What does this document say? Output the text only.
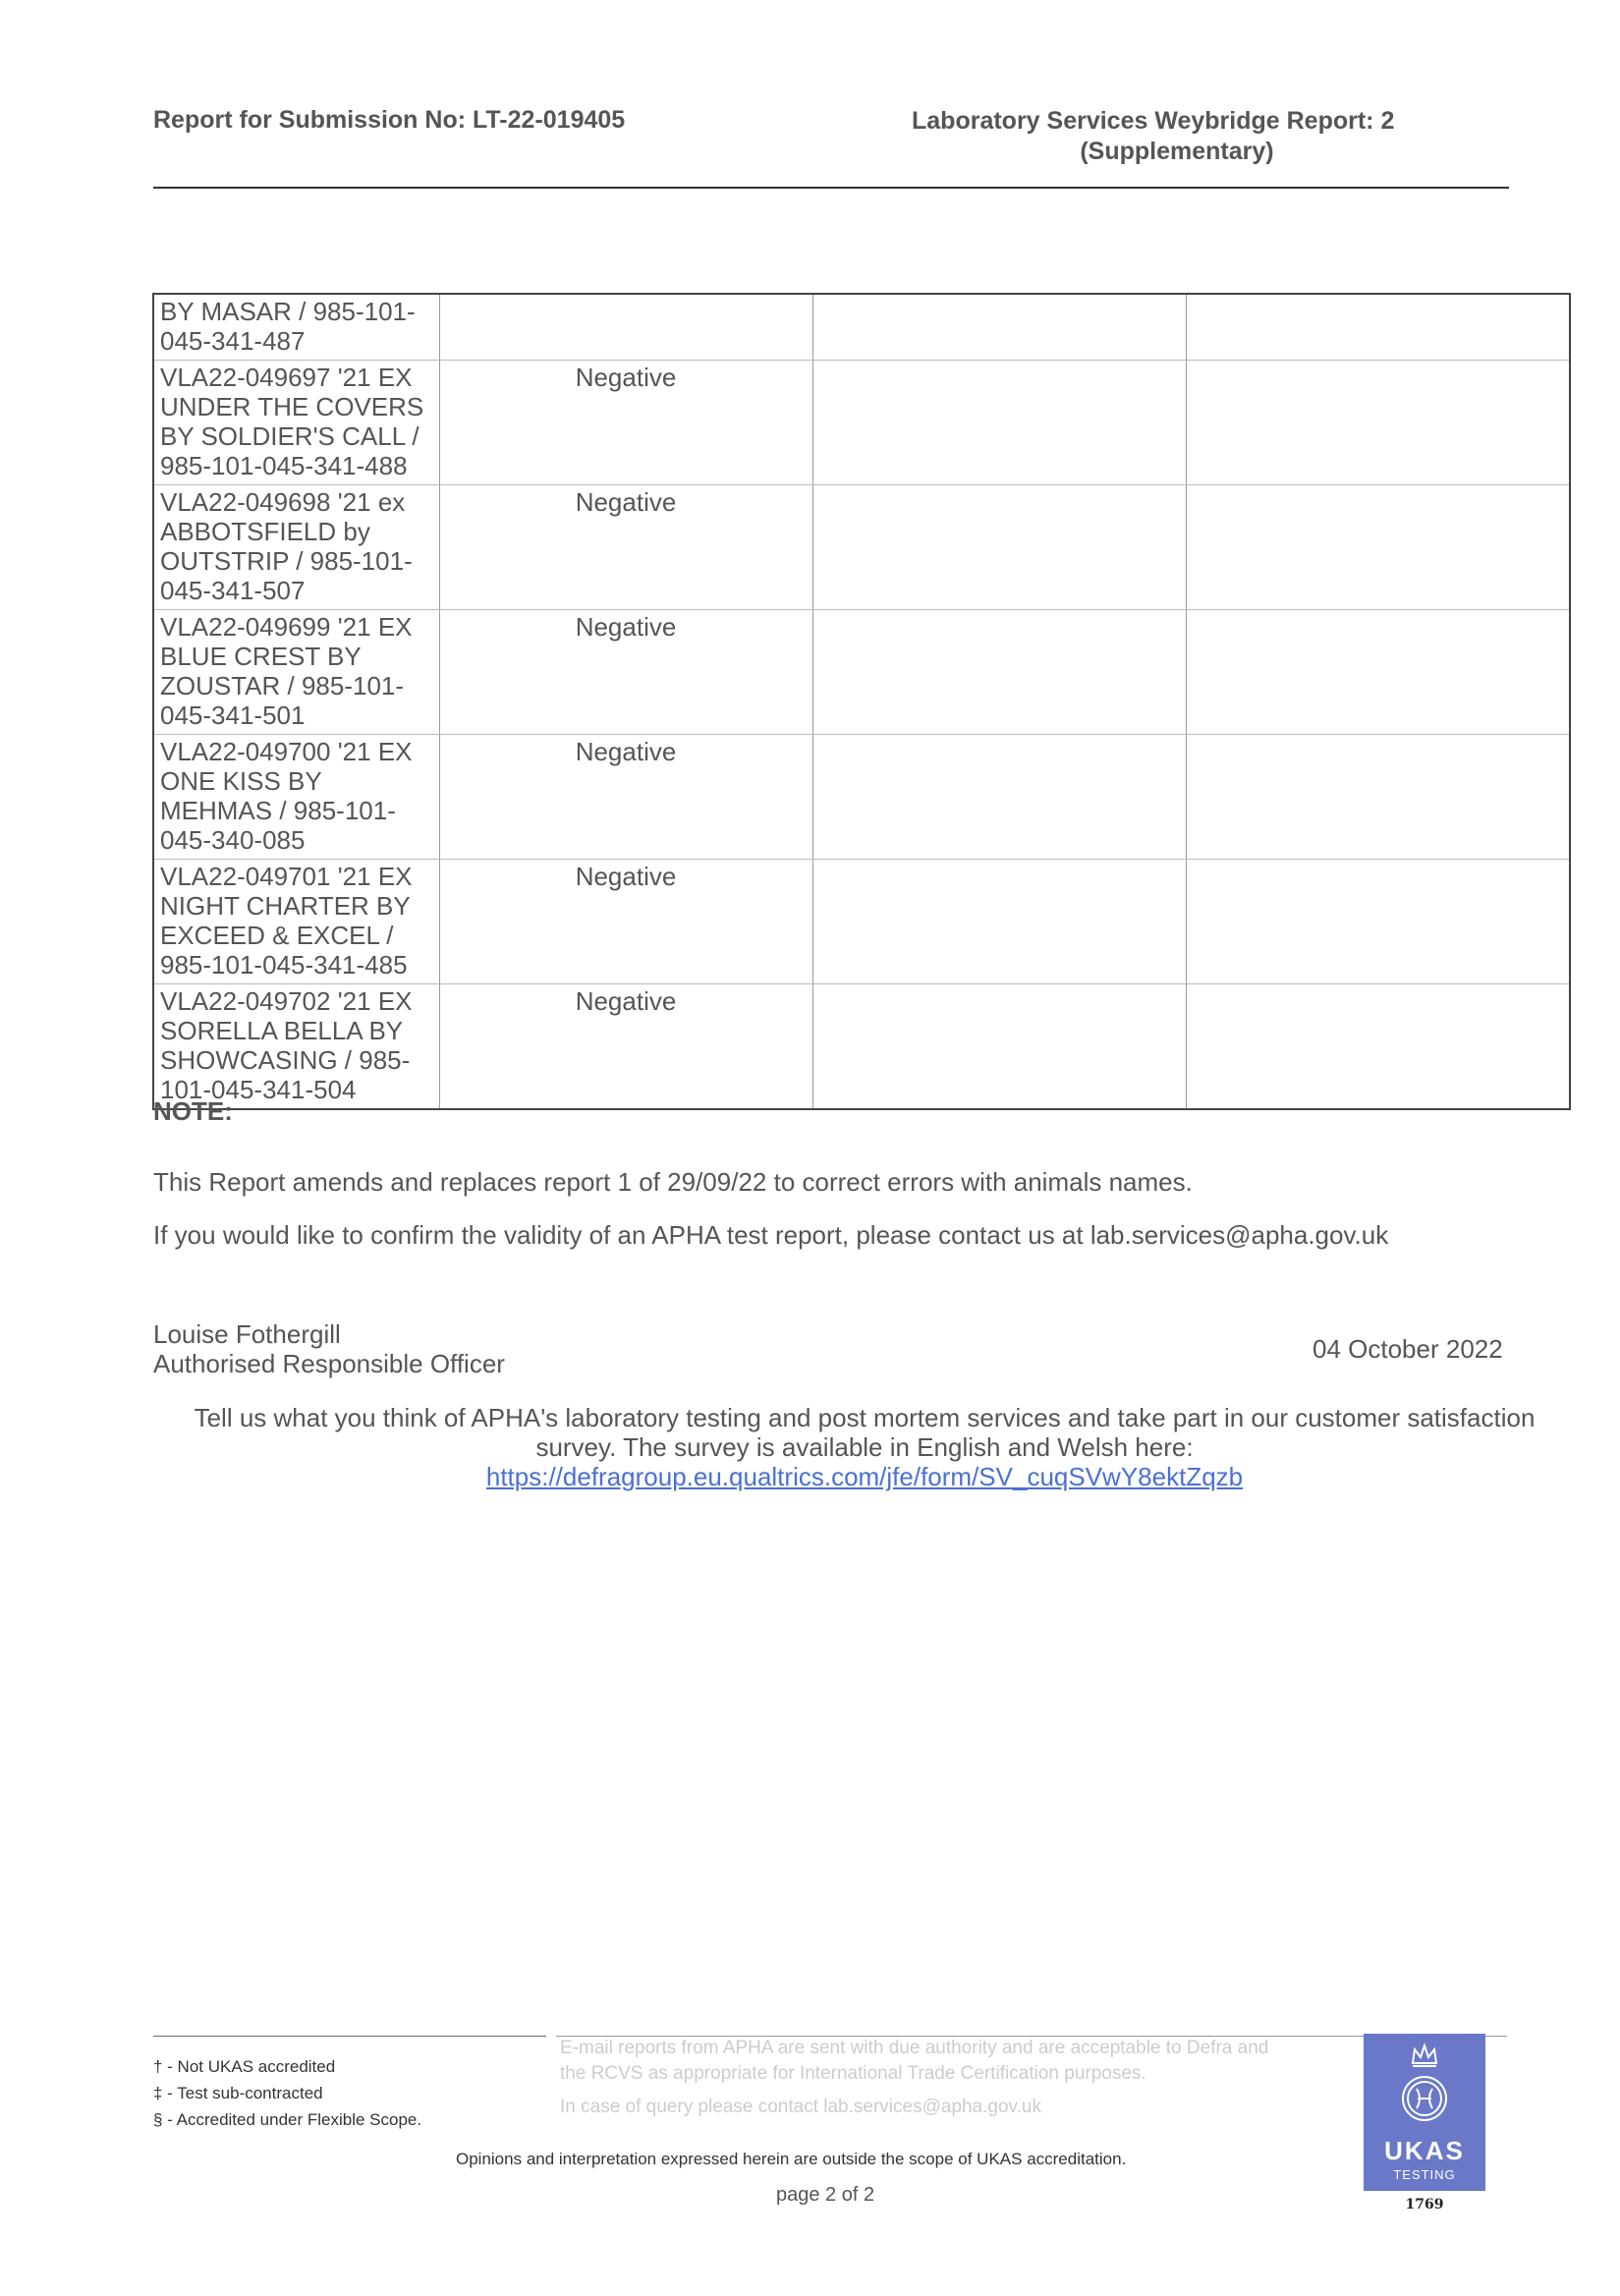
Report for Submission No: LT-22-019405	Laboratory Services Weybridge Report: 2
(Supplementary)
BY MASAR / 985-101-045-341-487			
VLA22-049697 '21 EX UNDER THE COVERS BY SOLDIER'S CALL / 985-101-045-341-488	Negative		
VLA22-049698 '21 ex ABBOTSFIELD by OUTSTRIP / 985-101-045-341-507	Negative		
VLA22-049699 '21 EX BLUE CREST BY ZOUSTAR / 985-101-045-341-501	Negative		
VLA22-049700 '21 EX ONE KISS BY MEHMAS / 985-101-045-340-085	Negative		
VLA22-049701 '21 EX NIGHT CHARTER BY EXCEED & EXCEL / 985-101-045-341-485	Negative		
VLA22-049702 '21 EX SORELLA BELLA BY SHOWCASING / 985-101-045-341-504	Negative		
NOTE:
This Report amends and replaces report 1 of 29/09/22 to correct errors with animals names.
If you would like to confirm the validity of an APHA test report, please contact us at lab.services@apha.gov.uk
Louise Fothergill
Authorised Responsible Officer	04 October 2022
Tell us what you think of APHA's laboratory testing and post mortem services and take part in our customer satisfaction
survey. The survey is available in English and Welsh here:
https://defragroup.eu.qualtrics.com/jfe/form/SV_cuqSVwY8ektZqzb
† - Not UKAS accredited
‡ - Test sub-contracted
§ - Accredited under Flexible Scope.
E-mail reports from APHA are sent with due authority and are acceptable to Defra and the RCVS as appropriate for International Trade Certification purposes.
In case of query please contact lab.services@apha.gov.uk
Opinions and interpretation expressed herein are outside the scope of UKAS accreditation.
page 2 of 2
UKAS
TESTING
1769
